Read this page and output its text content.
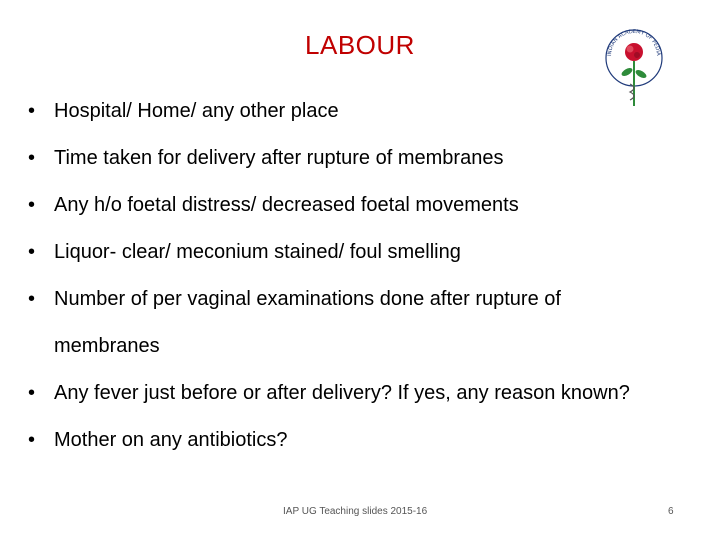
LABOUR	INDIAN ACADEMY OF PEDIA
• Hospital/ Home/ any other place
• Time taken for delivery after rupture of membranes
• Any h/o foetal distress/ decreased foetal movements
• Liquor- clear/ meconium stained/ foul smelling
• Number of per vaginal examinations done after rupture of membranes
• Any fever just before or after delivery? If yes, any reason known?
• Mother on any antibiotics?
IAP UG Teaching slides 2015-16	6
